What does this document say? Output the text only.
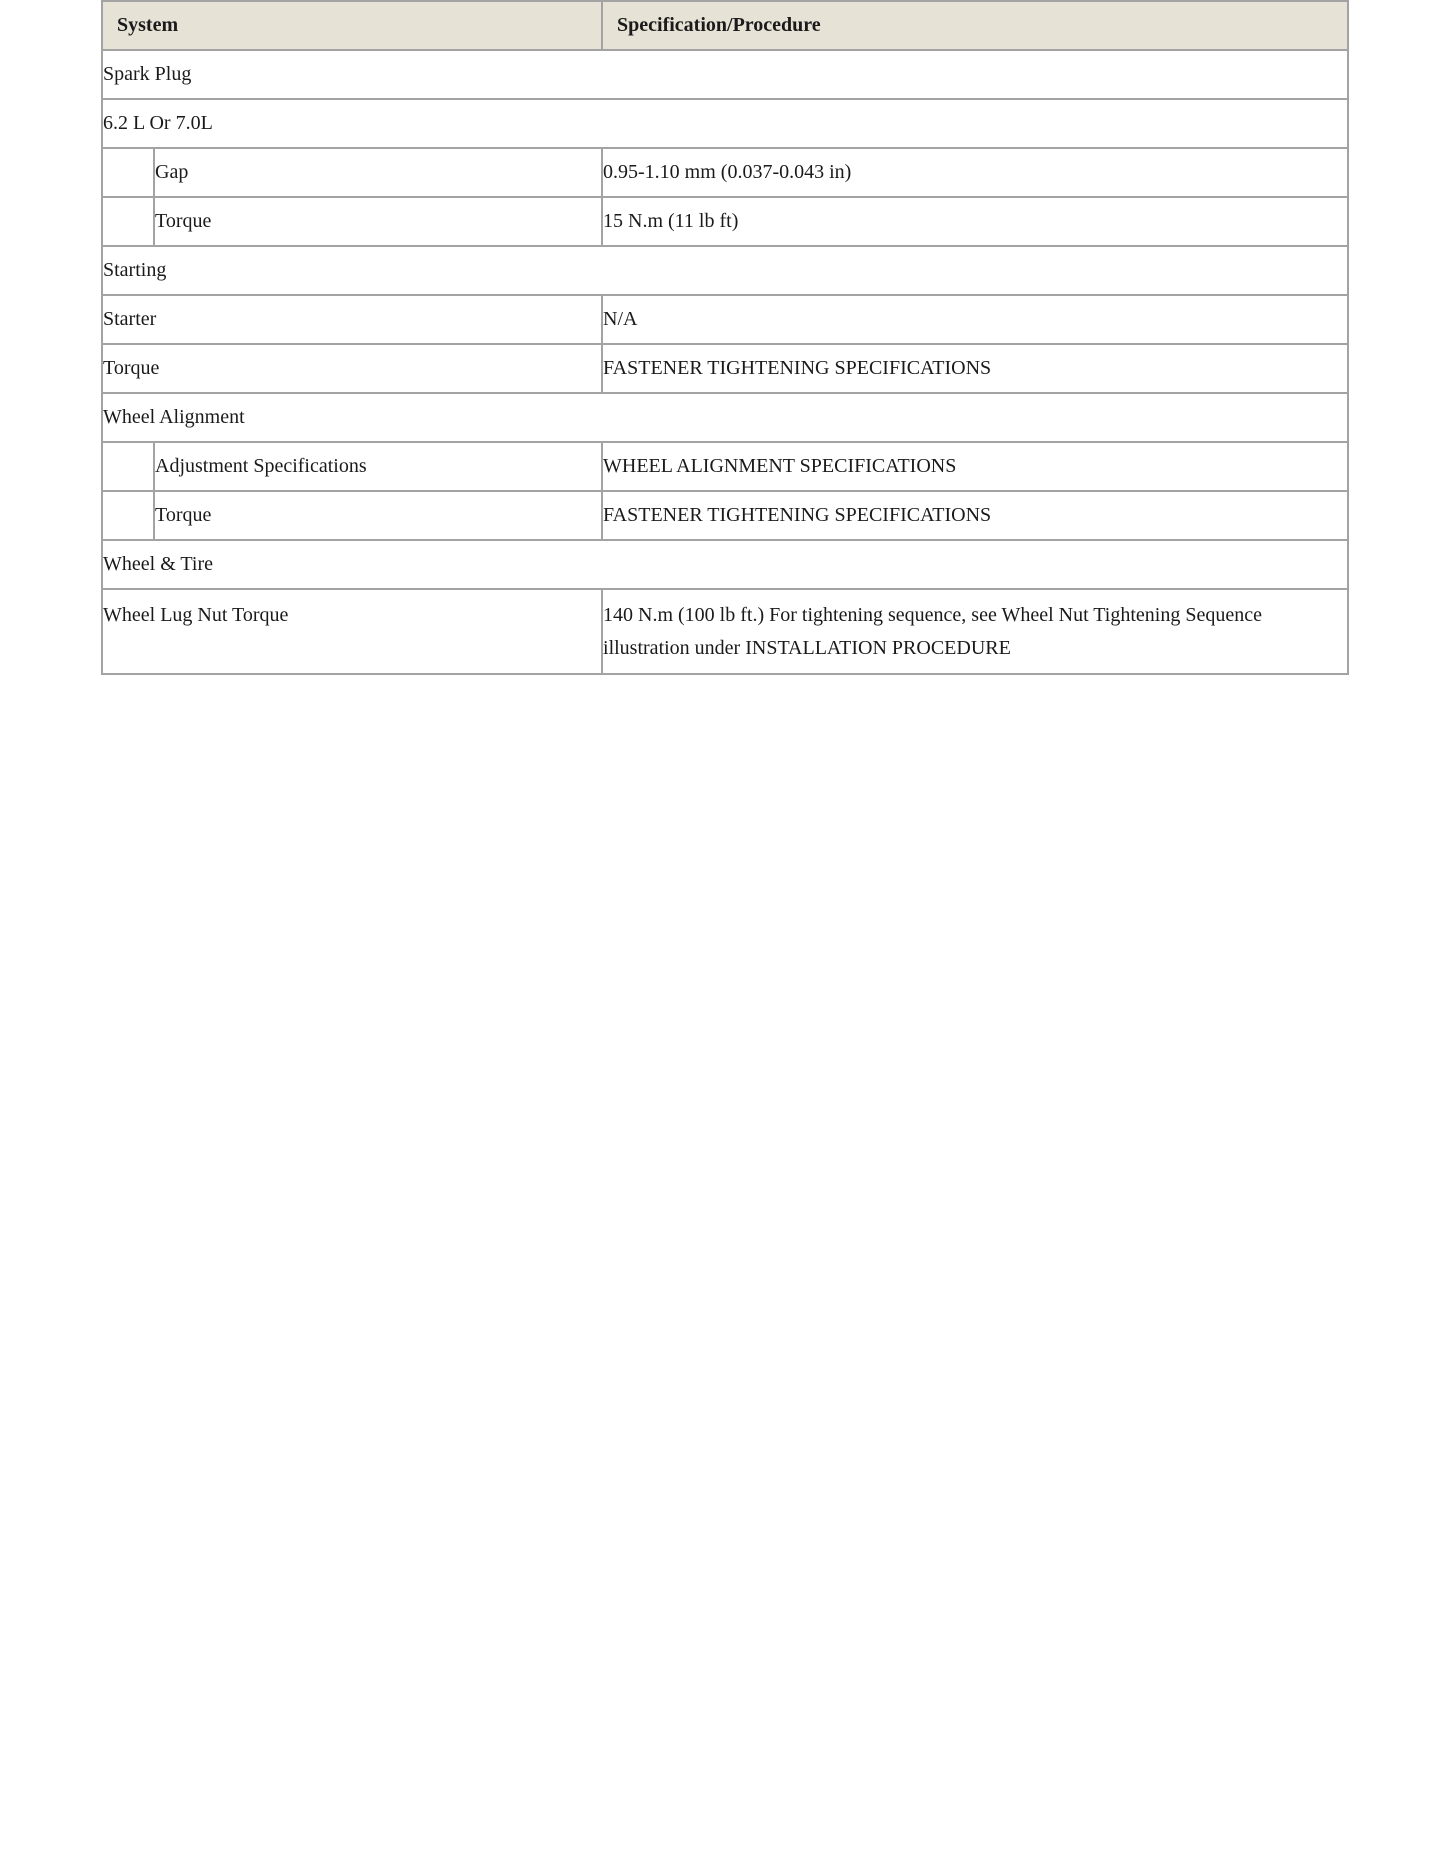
System		Specification/Procedure
Spark Plug		
6.2 L Or 7.0L		
	Gap	0.95-1.10 mm (0.037-0.043 in)
	Torque	15 N.m (11 lb ft)
Starting		
Starter		N/A
Torque		FASTENER TIGHTENING SPECIFICATIONS
Wheel Alignment		
	Adjustment Specifications	WHEEL ALIGNMENT SPECIFICATIONS
	Torque	FASTENER TIGHTENING SPECIFICATIONS
Wheel & Tire		
Wheel Lug Nut Torque		140 N.m (100 lb ft.) For tightening sequence, see Wheel Nut Tightening Sequence illustration under INSTALLATION PROCEDURE
